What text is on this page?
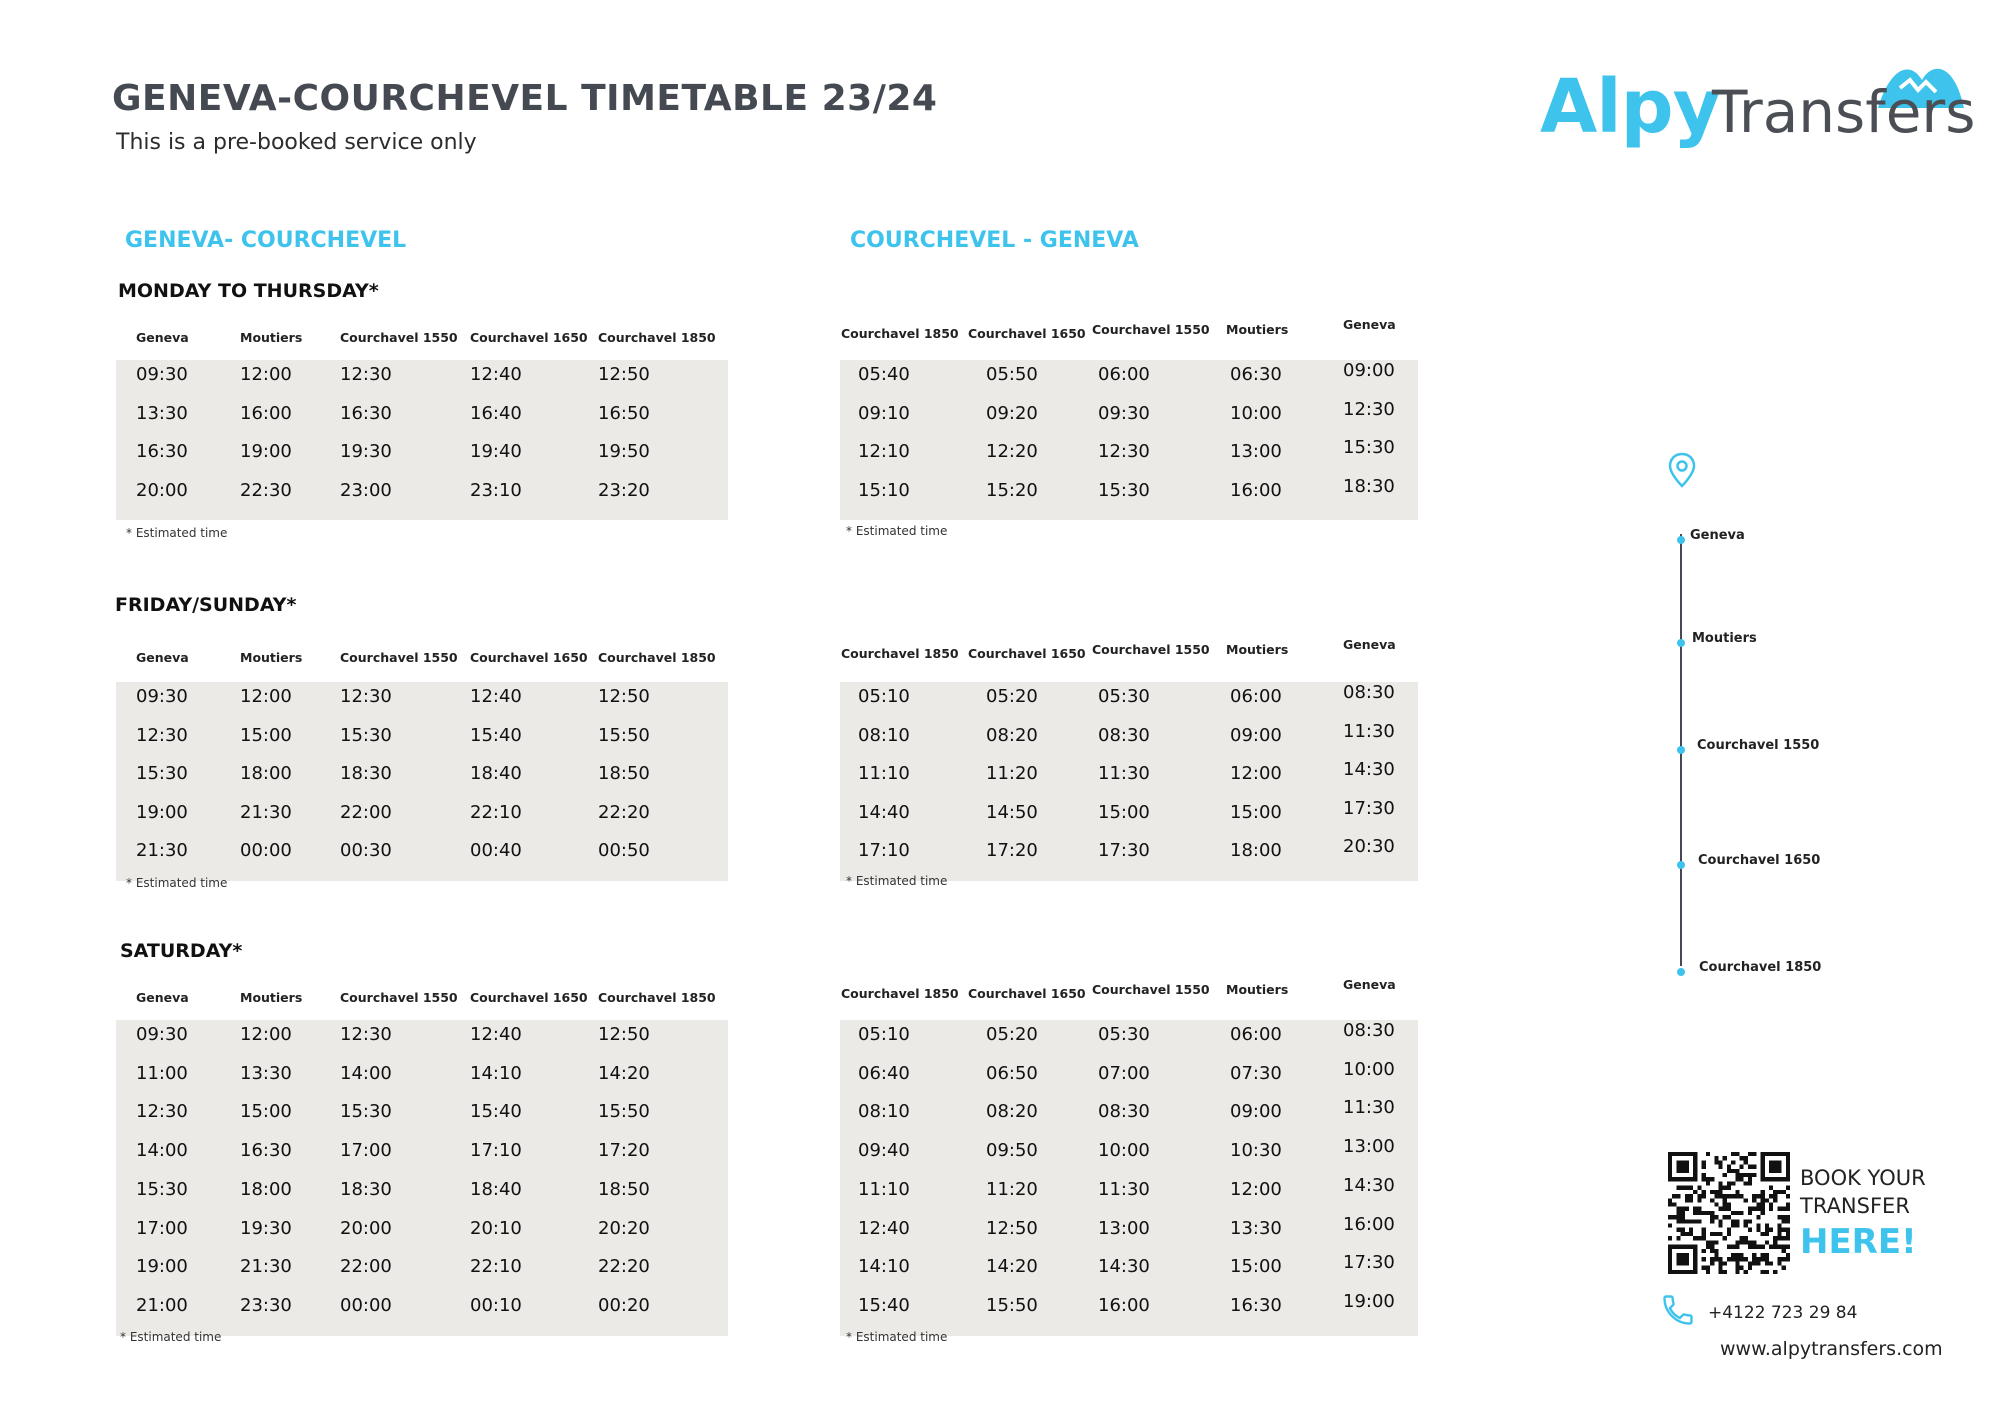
GENEVA-COURCHEVEL TIMETABLE 23/24
This is a pre-booked service only	Alpy
Transfers
GENEVA- COURCHEVEL	COURCHEVEL - GENEVA
MONDAY TO THURSDAY*
Geneva	Moutiers	Courchavel 1550 Courchavel 1650 Courchavel 1850	Courchavel 1850 Courchavel 1650 Courchavel 1550 Moutiers	Geneva
09:30	12:00	12:30	12:40	12:50
13:30	16:00	16:30	16:40	16:50
16:30	19:00	19:30	19:40	19:50
20:00	22:30	23:00	23:10	23:20
* Estimated time
05:40	05:50	06:00	06:30	09:00
09:10	09:20	09:30	10:00	12:30
12:10	12:20	12:30	13:00	15:30
15:10	15:20	15:30	16:00	18:30
* Estimated time
FRIDAY/SUNDAY*
Geneva	Moutiers	Courchavel 1550 Courchavel 1650 Courchavel 1850	Courchavel 1850 Courchavel 1650 Courchavel 1550 Moutiers	Geneva
09:30	12:00	12:30	12:40	12:50
12:30	15:00	15:30	15:40	15:50
15:30	18:00	18:30	18:40	18:50
19:00	21:30	22:00	22:10	22:20
21:30	00:00	00:30	00:40	00:50
* Estimated time
05:10	05:20	05:30	06:00	08:30
08:10	08:20	08:30	09:00	11:30
11:10	11:20	11:30	12:00	14:30
14:40	14:50	15:00	15:00	17:30
17:10	17:20	17:30	18:00	20:30
* Estimated time
SATURDAY*
Geneva	Moutiers	Courchavel 1550 Courchavel 1650 Courchavel 1850	Courchavel 1850 Courchavel 1650 Courchavel 1550 Moutiers	Geneva
09:30	12:00	12:30	12:40	12:50
11:00	13:30	14:00	14:10	14:20
12:30	15:00	15:30	15:40	15:50
14:00	16:30	17:00	17:10	17:20
15:30	18:00	18:30	18:40	18:50
17:00	19:30	20:00	20:10	20:20
19:00	21:30	22:00	22:10	22:20
21:00	23:30	00:00	00:10	00:20
* Estimated time
05:10	05:20	05:30	06:00	08:30
06:40	06:50	07:00	07:30	10:00
08:10	08:20	08:30	09:00	11:30
09:40	09:50	10:00	10:30	13:00
11:10	11:20	11:30	12:00	14:30
12:40	12:50	13:00	13:30	16:00
14:10	14:20	14:30	15:00	17:30
15:40	15:50	16:00	16:30	19:00
* Estimated time
Geneva
Moutiers
Courchavel 1550
Courchavel 1650
Courchavel 1850
BOOK YOUR
TRANSFER
HERE!
+4122 723 29 84
www.alpytransfers.com
